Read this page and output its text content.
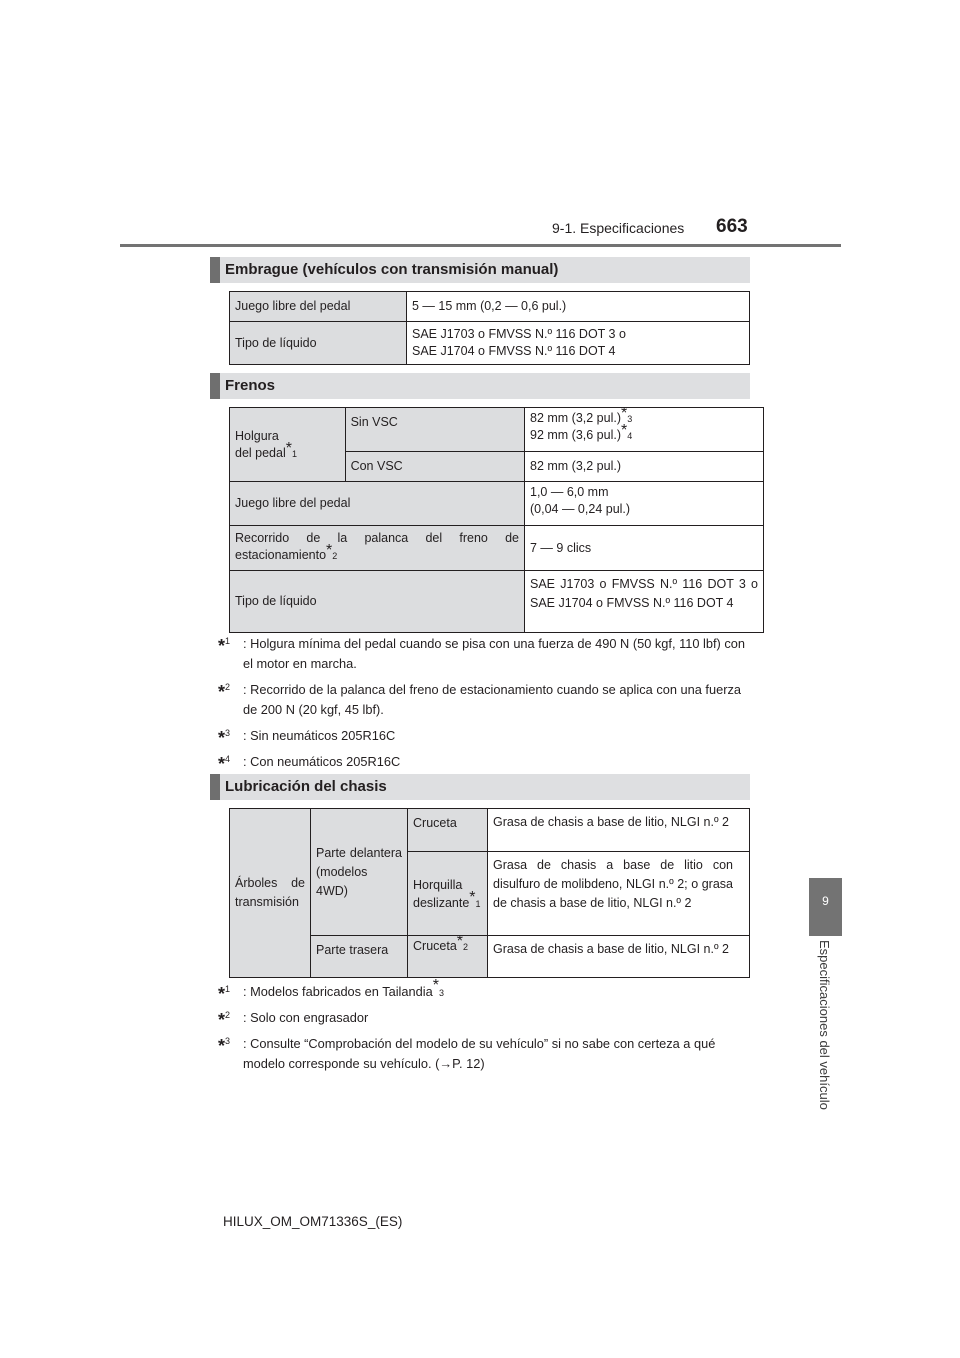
9-1. Especificaciones 663
9
Especificaciones del vehículo
Embrague (vehículos con transmisión manual)
Juego libre del pedal	5 — 15 mm (0,2 — 0,6 pul.)

Tipo de líquido	SAE J1703 o FMVSS N.º 116 DOT 3 o
SAE J1704 o FMVSS N.º 116 DOT 4
Frenos
Holgura del pedal$^{*1}$	Sin VSC	82 mm (3,2 pul.)$^{*3}$
92 mm (3,6 pul.)$^{*4}$

	Con VSC	82 mm (3,2 pul.)

Juego libre del pedal		1,0 — 6,0 mm
(0,04 — 0,24 pul.)

Recorrido de la palanca del freno de estacionamiento$^{*2}$		7 — 9 clics

Tipo de líquido		SAE J1703 o FMVSS N.º 116 DOT 3 o SAE J1704 o FMVSS N.º 116 DOT 4
*$^1$ : Holgura mínima del pedal cuando se pisa con una fuerza de 490 N (50 kgf, 110 lbf) con el motor en marcha.
*$^2$ : Recorrido de la palanca del freno de estacionamiento cuando se aplica con una fuerza de 200 N (20 kgf, 45 lbf).
*$^3$ : Sin neumáticos 205R16C
*$^4$ : Con neumáticos 205R16C
Lubricación del chasis
Árboles de transmisión	Parte delantera (modelos 4WD)	Cruceta	Grasa de chasis a base de litio, NLGI n.º 2

		Horquilla deslizante$^{*1}$	Grasa de chasis a base de litio con disulfuro de molibdeno, NLGI n.º 2; o grasa de chasis a base de litio, NLGI n.º 2

	Parte trasera	Cruceta$^{*2}$	Grasa de chasis a base de litio, NLGI n.º 2
*$^1$ : Modelos fabricados en Tailandia$^{*3}$
*$^2$ : Solo con engrasador
*$^3$ : Consulte “Comprobación del modelo de su vehículo” si no sabe con certeza a qué modelo corresponde su vehículo. (→P. 12)
HILUX_OM_OM71336S_(ES)
